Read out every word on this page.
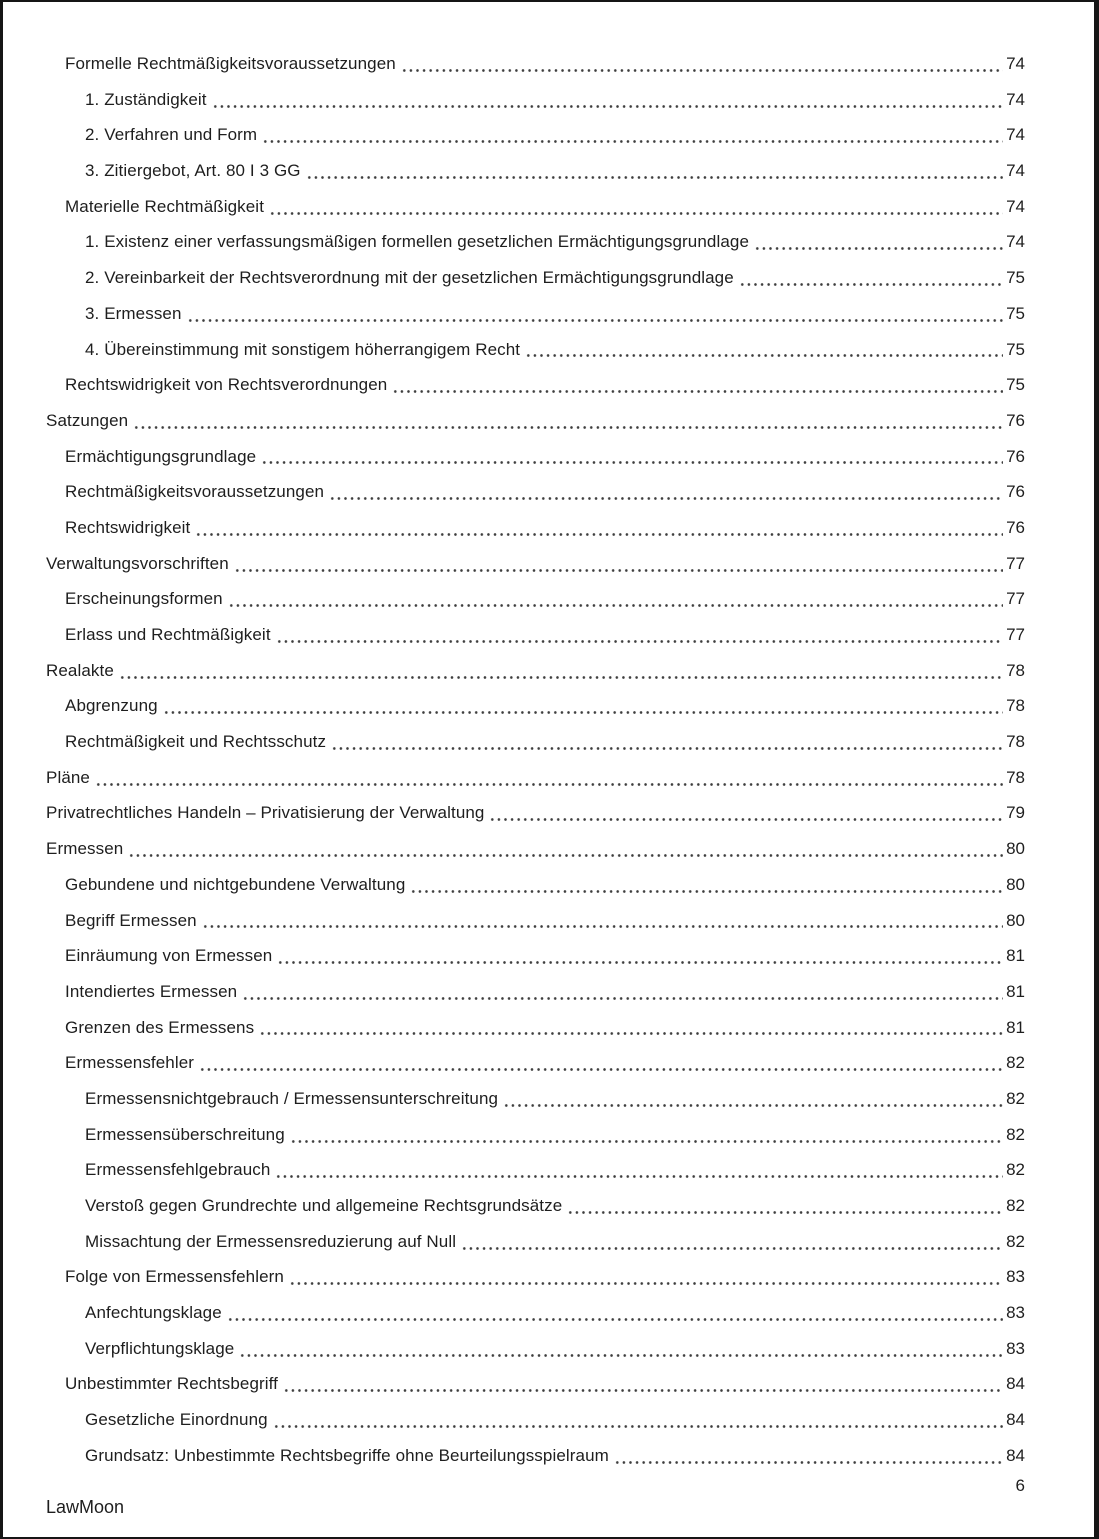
Formelle Rechtmäßigkeitsvoraussetzungen	74
1. Zuständigkeit	74
2. Verfahren und Form	74
3. Zitiergebot, Art. 80 I 3 GG	74
Materielle Rechtmäßigkeit	74
1. Existenz einer verfassungsmäßigen formellen gesetzlichen Ermächtigungsgrundlage	74
2. Vereinbarkeit der Rechtsverordnung mit der gesetzlichen Ermächtigungsgrundlage	75
3. Ermessen	75
4. Übereinstimmung mit sonstigem höherrangigem Recht	75
Rechtswidrigkeit von Rechtsverordnungen	75
Satzungen	76
Ermächtigungsgrundlage	76
Rechtmäßigkeitsvoraussetzungen	76
Rechtswidrigkeit	76
Verwaltungsvorschriften	77
Erscheinungsformen	77
Erlass und Rechtmäßigkeit	77
Realakte	78
Abgrenzung	78
Rechtmäßigkeit und Rechtsschutz	78
Pläne	78
Privatrechtliches Handeln – Privatisierung der Verwaltung	79
Ermessen	80
Gebundene und nichtgebundene Verwaltung	80
Begriff Ermessen	80
Einräumung von Ermessen	81
Intendiertes Ermessen	81
Grenzen des Ermessens	81
Ermessensfehler	82
Ermessensnichtgebrauch / Ermessensunterschreitung	82
Ermessensüberschreitung	82
Ermessensfehlgebrauch	82
Verstoß gegen Grundrechte und allgemeine Rechtsgrundsätze	82
Missachtung der Ermessensreduzierung auf Null	82
Folge von Ermessensfehlern	83
Anfechtungsklage	83
Verpflichtungsklage	83
Unbestimmter Rechtsbegriff	84
Gesetzliche Einordnung	84
Grundsatz: Unbestimmte Rechtsbegriffe ohne Beurteilungsspielraum	84
6
LawMoon
